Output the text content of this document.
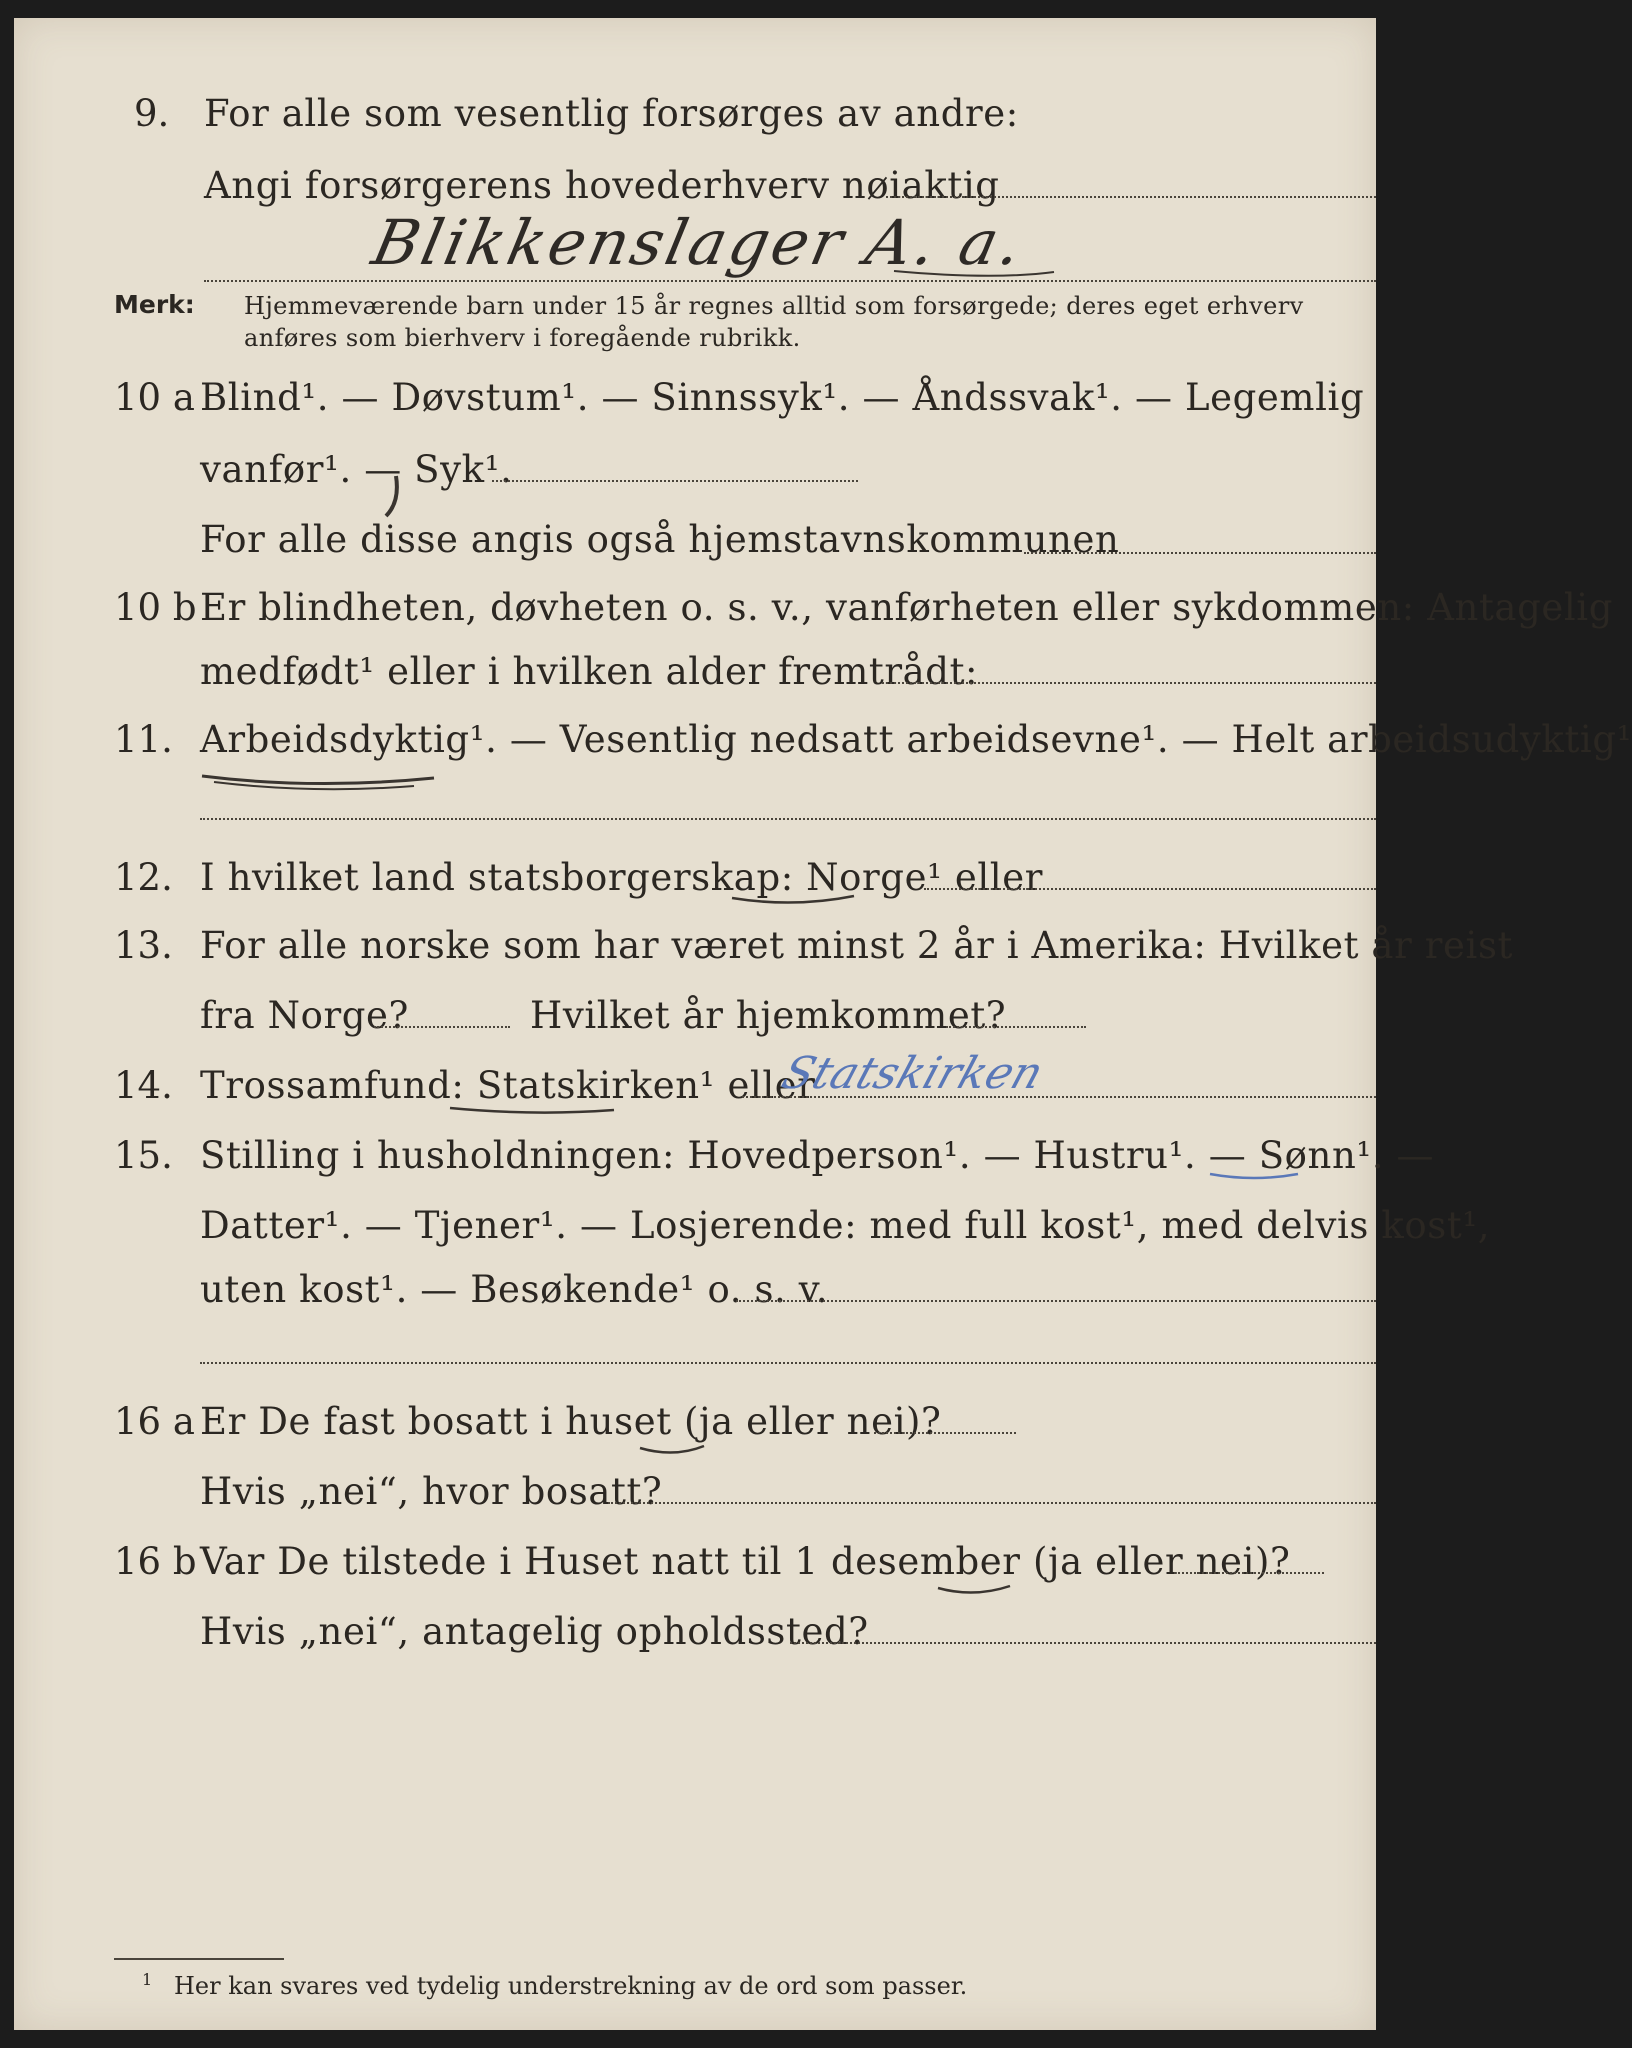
9. For alle som vesentlig forsørges av andre:
Angi forsørgerens hovederhverv nøiaktig
Blikkenslager A. a.
Merk: Hjemmeværende barn under 15 år regnes alltid som forsørgede; deres eget erhverv
anføres som bierhverv i foregående rubrikk.
10 a Blind¹. — Døvstum¹. — Sinnssyk¹. — Åndssvak¹. — Legemlig
vanfør¹. — Syk¹.
For alle disse angis også hjemstavnskommunen
10 b Er blindheten, døvheten o. s. v., vanførheten eller sykdommen: Antagelig
medfødt¹ eller i hvilken alder fremtrådt:
11. Arbeidsdyktig¹. — Vesentlig nedsatt arbeidsevne¹. — Helt arbeidsudyktig¹
12. I hvilket land statsborgerskap: Norge¹ eller
13. For alle norske som har været minst 2 år i Amerika: Hvilket år reist
fra Norge?	Hvilket år hjemkommet?
14. Trossamfund: Statskirken¹ eller
Statskirken
15. Stilling i husholdningen: Hovedperson¹. — Hustru¹. — Sønn¹. —
Datter¹. — Tjener¹. — Losjerende: med full kost¹, med delvis kost¹,
uten kost¹. — Besøkende¹ o. s. v.
16 a Er De fast bosatt i huset (ja eller nei)?
Hvis „nei“, hvor bosatt?
16 b Var De tilstede i Huset natt til 1 desember (ja eller nei)?
Hvis „nei“, antagelig opholdssted?
1 Her kan svares ved tydelig understrekning av de ord som passer.
